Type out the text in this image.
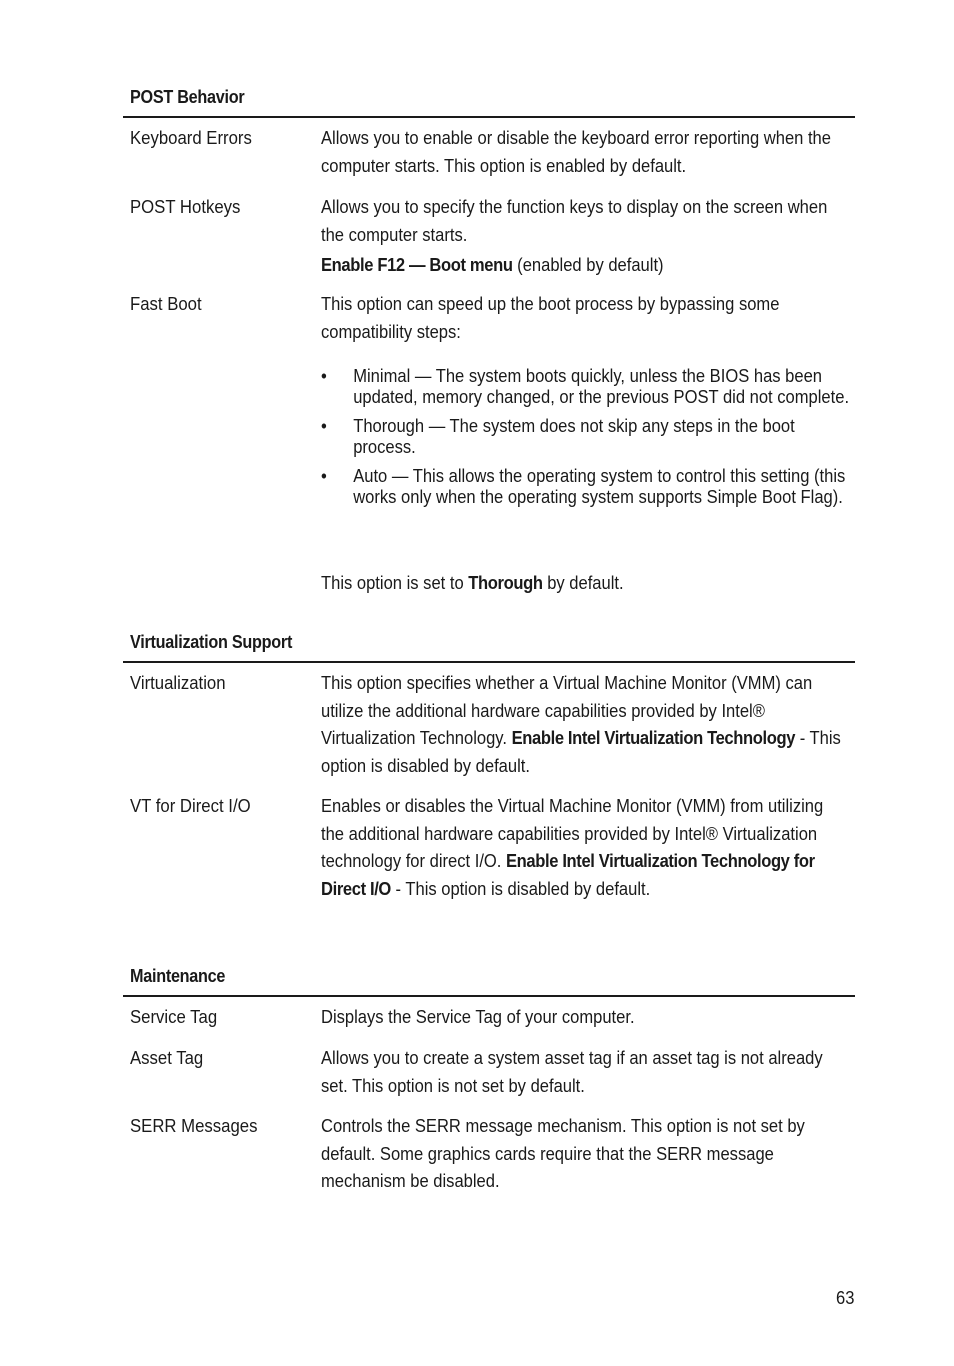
POST Behavior
Keyboard Errors	Allows you to enable or disable the keyboard error reporting when the computer starts. This option is enabled by default.
POST Hotkeys	Allows you to specify the function keys to display on the screen when the computer starts.
Enable F12 — Boot menu (enabled by default)
Fast Boot	This option can speed up the boot process by bypassing some compatibility steps:
• Minimal — The system boots quickly, unless the BIOS has been updated, memory changed, or the previous POST did not complete.
• Thorough — The system does not skip any steps in the boot process.
• Auto — This allows the operating system to control this setting (this works only when the operating system supports Simple Boot Flag).
This option is set to Thorough by default.
Virtualization Support
Virtualization	This option specifies whether a Virtual Machine Monitor (VMM) can utilize the additional hardware capabilities provided by Intel® Virtualization Technology. Enable Intel Virtualization Technology - This option is disabled by default.
VT for Direct I/O	Enables or disables the Virtual Machine Monitor (VMM) from utilizing the additional hardware capabilities provided by Intel® Virtualization technology for direct I/O. Enable Intel Virtualization Technology for Direct I/O - This option is disabled by default.
Maintenance
Service Tag	Displays the Service Tag of your computer.
Asset Tag	Allows you to create a system asset tag if an asset tag is not already set. This option is not set by default.
SERR Messages	Controls the SERR message mechanism. This option is not set by default. Some graphics cards require that the SERR message mechanism be disabled.
63
